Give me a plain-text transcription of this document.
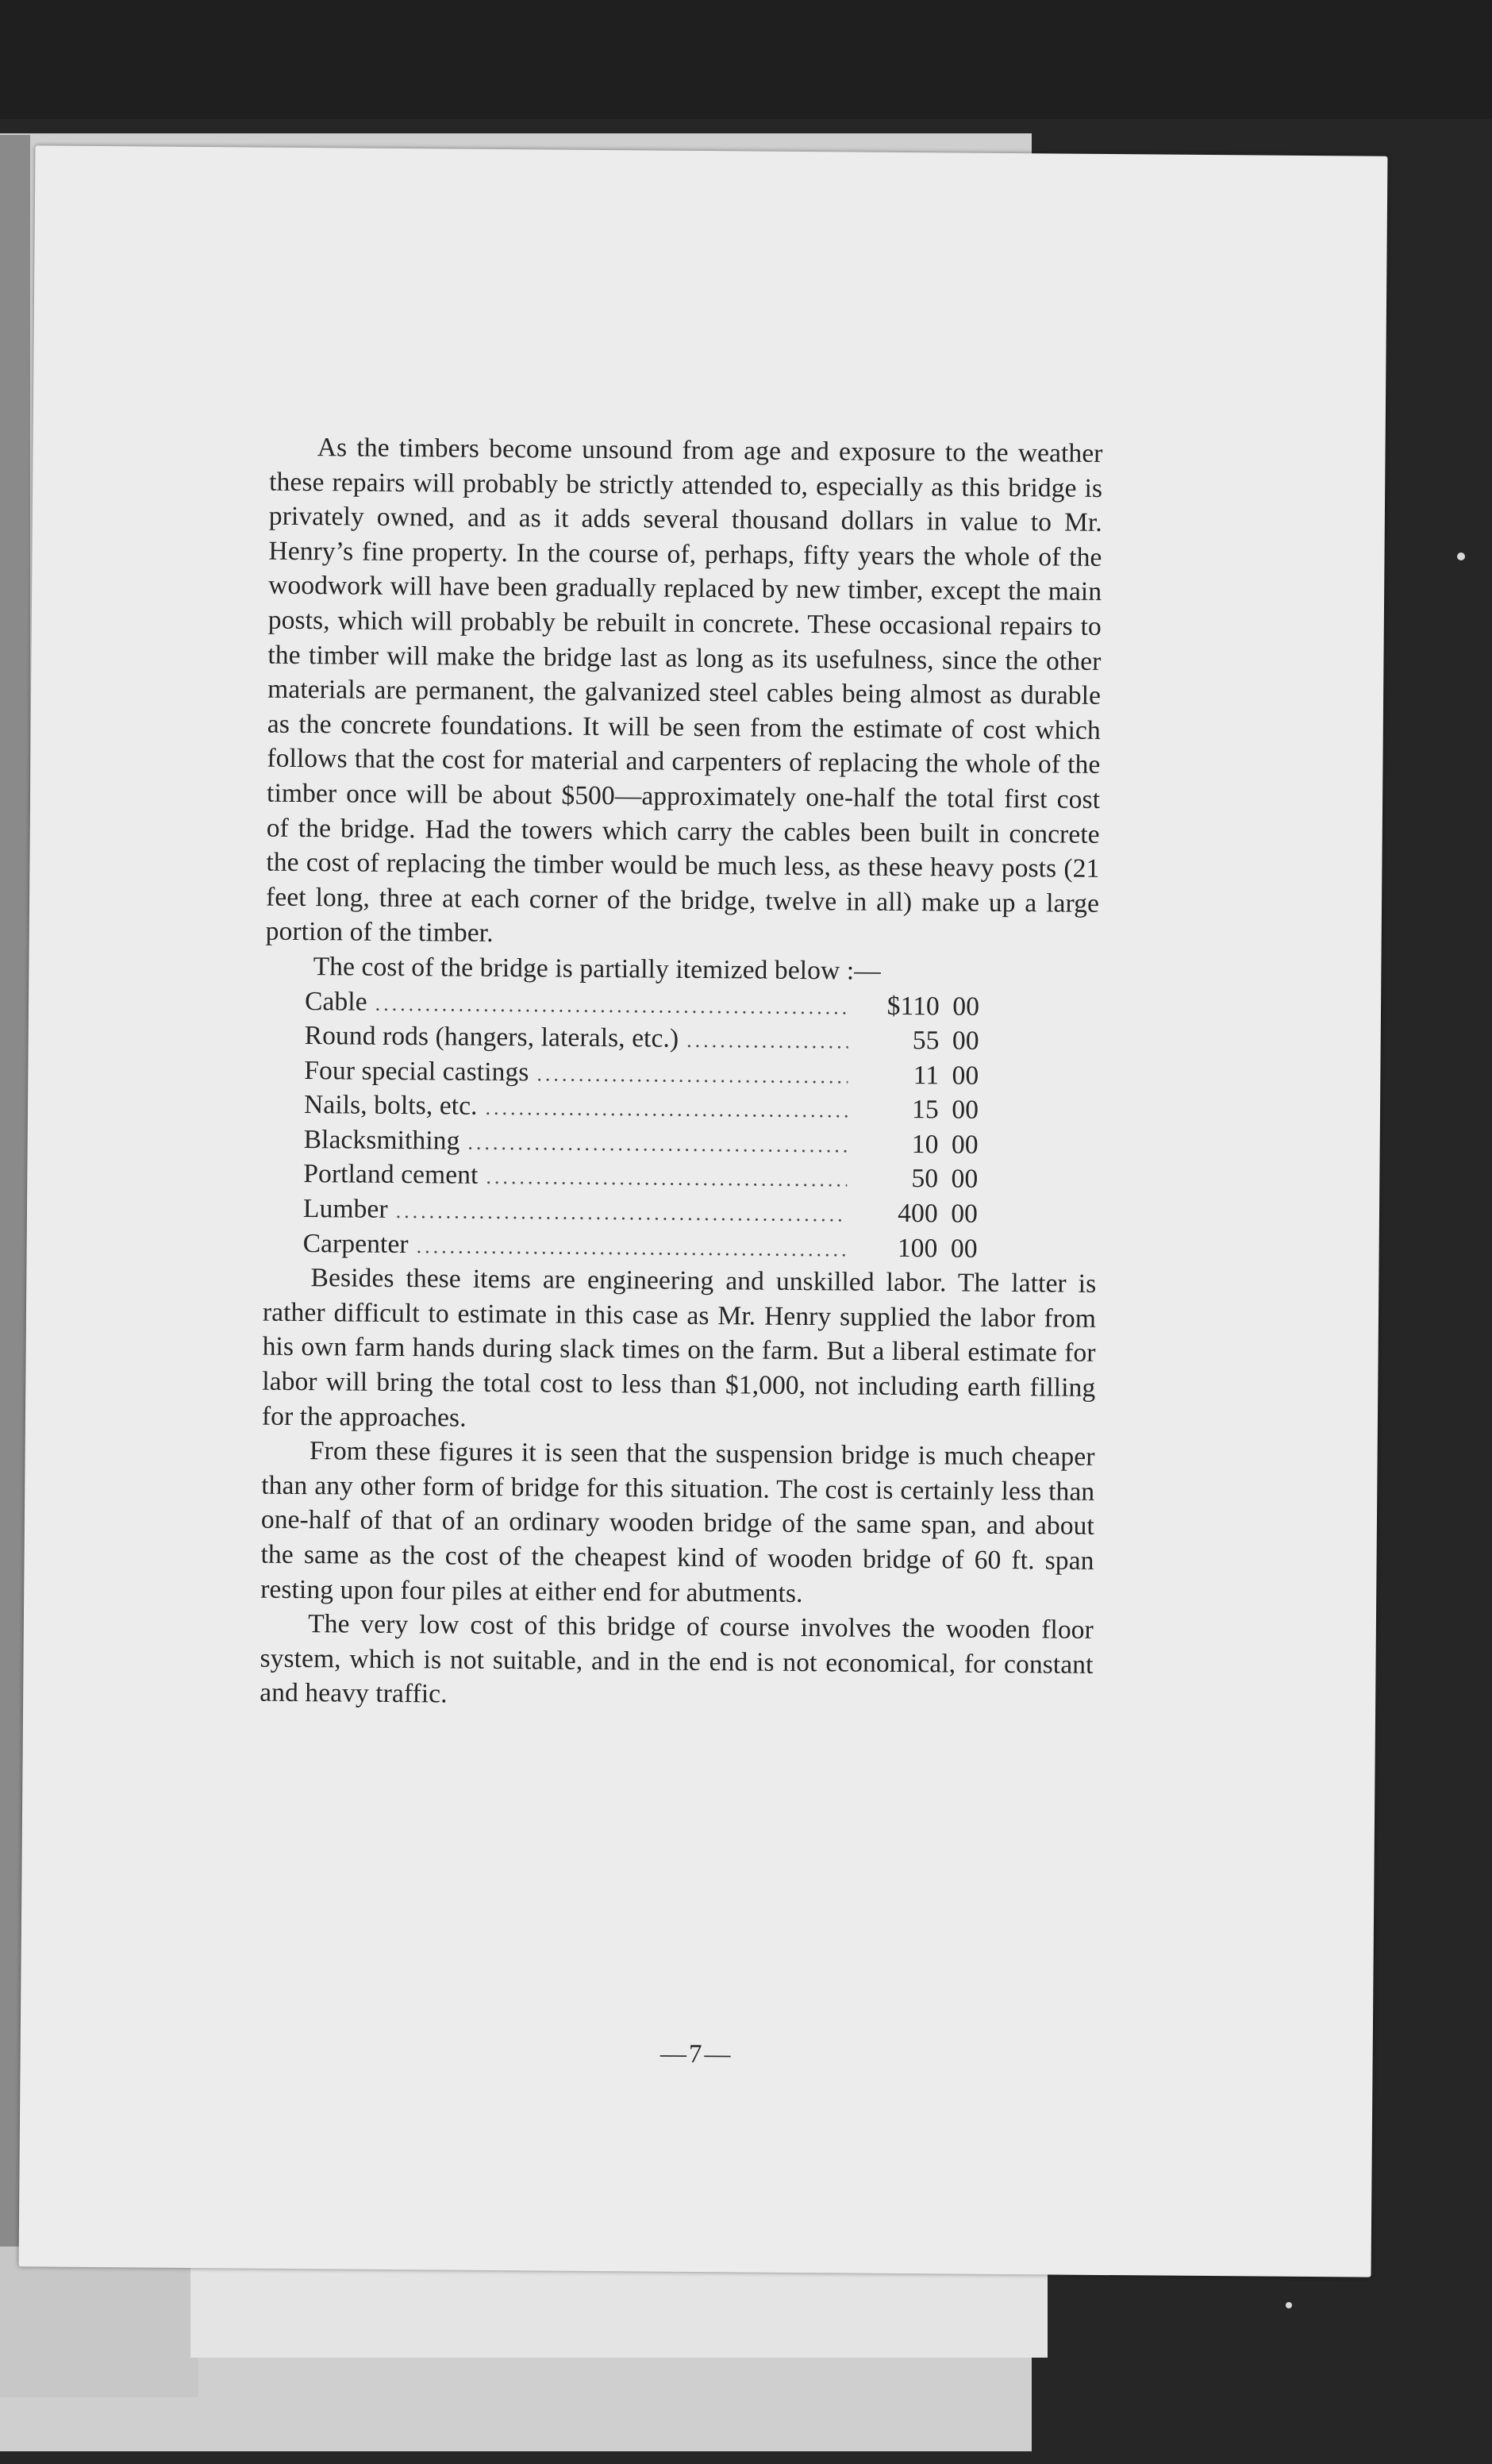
As the timbers become unsound from age and exposure to the weather these repairs will probably be strictly attended to, especially as this bridge is privately owned, and as it adds several thousand dollars in value to Mr. Henry’s fine property. In the course of, perhaps, fifty years the whole of the woodwork will have been gradually replaced by new timber, except the main posts, which will probably be rebuilt in concrete. These occasional repairs to the timber will make the bridge last as long as its usefulness, since the other materials are permanent, the galvanized steel cables being almost as durable as the concrete foundations. It will be seen from the estimate of cost which follows that the cost for material and carpenters of replacing the whole of the timber once will be about $500—approximately one-half the total first cost of the bridge. Had the towers which carry the cables been built in concrete the cost of replacing the timber would be much less, as these heavy posts (21 feet long, three at each corner of the bridge, twelve in all) make up a large portion of the timber.

The cost of the bridge is partially itemized below :—

Cable .....	$110 00
Round rods (hangers, laterals, etc.) .....	55 00
Four special castings .....	11 00
Nails, bolts, etc. .....	15 00
Blacksmithing .....	10 00
Portland cement .....	50 00
Lumber .....	400 00
Carpenter .....	100 00

Besides these items are engineering and unskilled labor. The latter is rather difficult to estimate in this case as Mr. Henry supplied the labor from his own farm hands during slack times on the farm. But a liberal estimate for labor will bring the total cost to less than $1,000, not including earth filling for the approaches.

From these figures it is seen that the suspension bridge is much cheaper than any other form of bridge for this situation. The cost is certainly less than one-half of that of an ordinary wooden bridge of the same span, and about the same as the cost of the cheapest kind of wooden bridge of 60 ft. span resting upon four piles at either end for abutments.

The very low cost of this bridge of course involves the wooden floor system, which is not suitable, and in the end is not economical, for constant and heavy traffic.

—7—
